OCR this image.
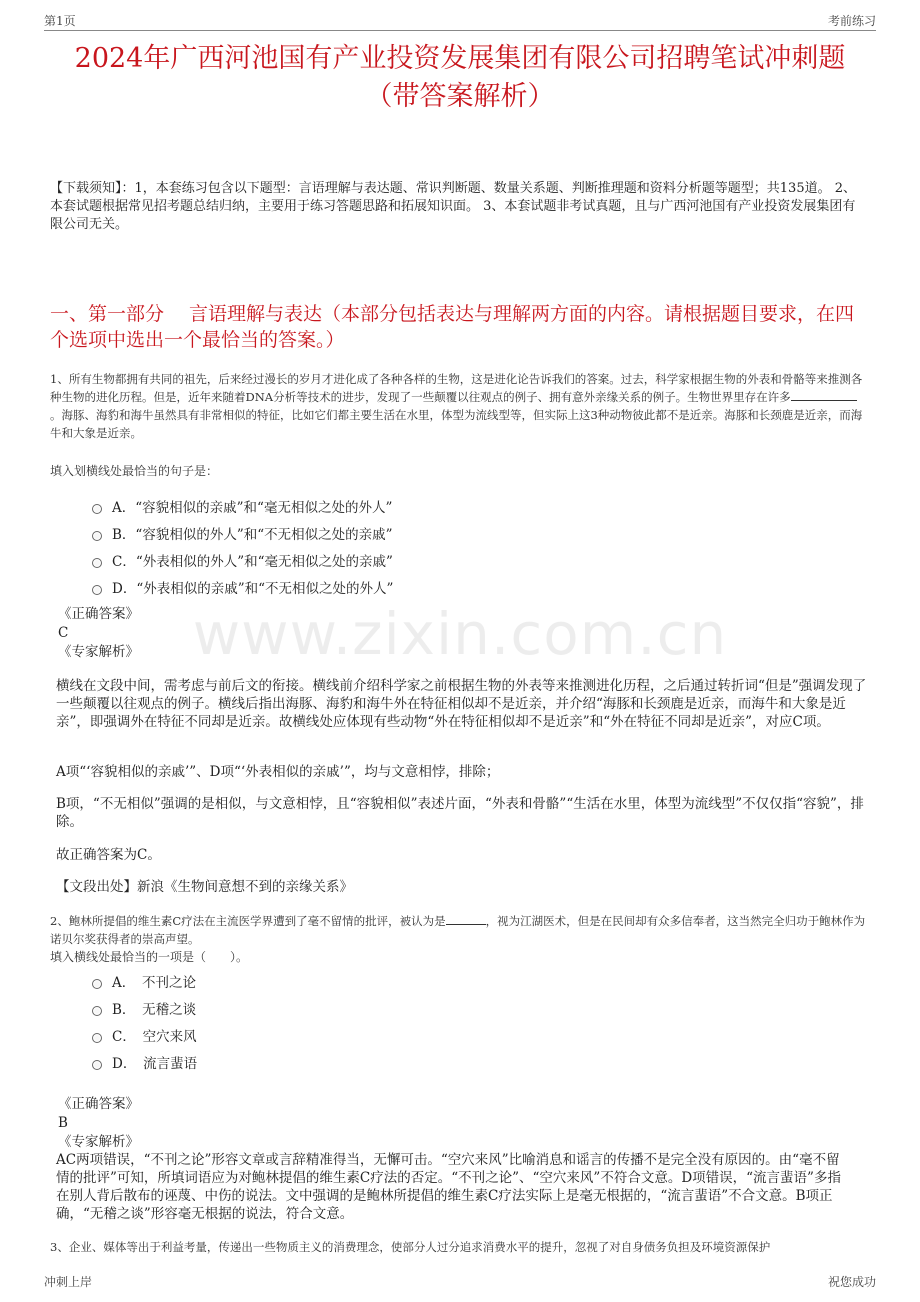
第1页	考前练习
www.zixin.com.cn
2024年广西河池国有产业投资发展集团有限公司招聘笔试冲刺题（带答案解析）
【下载须知】：1，本套练习包含以下题型：言语理解与表达题、常识判断题、数量关系题、判断推理题和资料分析题等题型；共135道。 2、本套试题根据常见招考题总结归纳，主要用于练习答题思路和拓展知识面。 3、本套试题非考试真题，且与广西河池国有产业投资发展集团有限公司无关。
一、第一部分　 言语理解与表达（本部分包括表达与理解两方面的内容。请根据题目要求，在四个选项中选出一个最恰当的答案。）
1、所有生物都拥有共同的祖先，后来经过漫长的岁月才进化成了各种各样的生物，这是进化论告诉我们的答案。过去，科学家根据生物的外表和骨骼等来推测各种生物的进化历程。但是，近年来随着DNA分析等技术的进步，发现了一些颠覆以往观点的例子、拥有意外亲缘关系的例子。生物世界里存在许多。海豚、海豹和海牛虽然具有非常相似的特征，比如它们都主要生活在水里，体型为流线型等，但实际上这3种动物彼此都不是近亲。海豚和长颈鹿是近亲，而海牛和大象是近亲。
填入划横线处最恰当的句子是：
A．“容貌相似的亲戚”和“毫无相似之处的外人”
B．“容貌相似的外人”和“不无相似之处的亲戚”
C．“外表相似的外人”和“毫无相似之处的亲戚”
D．“外表相似的亲戚”和“不无相似之处的外人”
《正确答案》
C
《专家解析》
横线在文段中间，需考虑与前后文的衔接。横线前介绍科学家之前根据生物的外表等来推测进化历程，之后通过转折词“但是”强调发现了一些颠覆以往观点的例子。横线后指出海豚、海豹和海牛外在特征相似却不是近亲，并介绍“海豚和长颈鹿是近亲，而海牛和大象是近亲”，即强调外在特征不同却是近亲。故横线处应体现有些动物“外在特征相似却不是近亲”和“外在特征不同却是近亲”，对应C项。
A项“‘容貌相似的亲戚’”、D项“‘外表相似的亲戚’”，均与文意相悖，排除；
B项，“不无相似”强调的是相似，与文意相悖，且“容貌相似”表述片面，“外表和骨骼”“生活在水里，体型为流线型”不仅仅指“容貌”，排除。
故正确答案为C。
【文段出处】新浪《生物间意想不到的亲缘关系》
2、鲍林所提倡的维生素C疗法在主流医学界遭到了毫不留情的批评，被认为是	，视为江湖医术，但是在民间却有众多信奉者，这当然完全归功于鲍林作为诺贝尔奖获得者的崇高声望。
填入横线处最恰当的一项是（　　）。
A．　不刊之论
B．　无稽之谈
C．　空穴来风
D．　流言蜚语
《正确答案》
B
《专家解析》
AC两项错误，“不刊之论”形容文章或言辞精准得当，无懈可击。“空穴来风”比喻消息和谣言的传播不是完全没有原因的。由“毫不留情的批评”可知，所填词语应为对鲍林提倡的维生素C疗法的否定。“不刊之论”、“空穴来风”不符合文意。D项错误，“流言蜚语”多指在别人背后散布的诬蔑、中伤的说法。文中强调的是鲍林所提倡的维生素C疗法实际上是毫无根据的，“流言蜚语”不合文意。B项正确，“无稽之谈”形容毫无根据的说法，符合文意。
3、企业、媒体等出于利益考量，传递出一些物质主义的消费理念，使部分人过分追求消费水平的提升，忽视了对自身债务负担及环境资源保护
冲刺上岸	祝您成功
